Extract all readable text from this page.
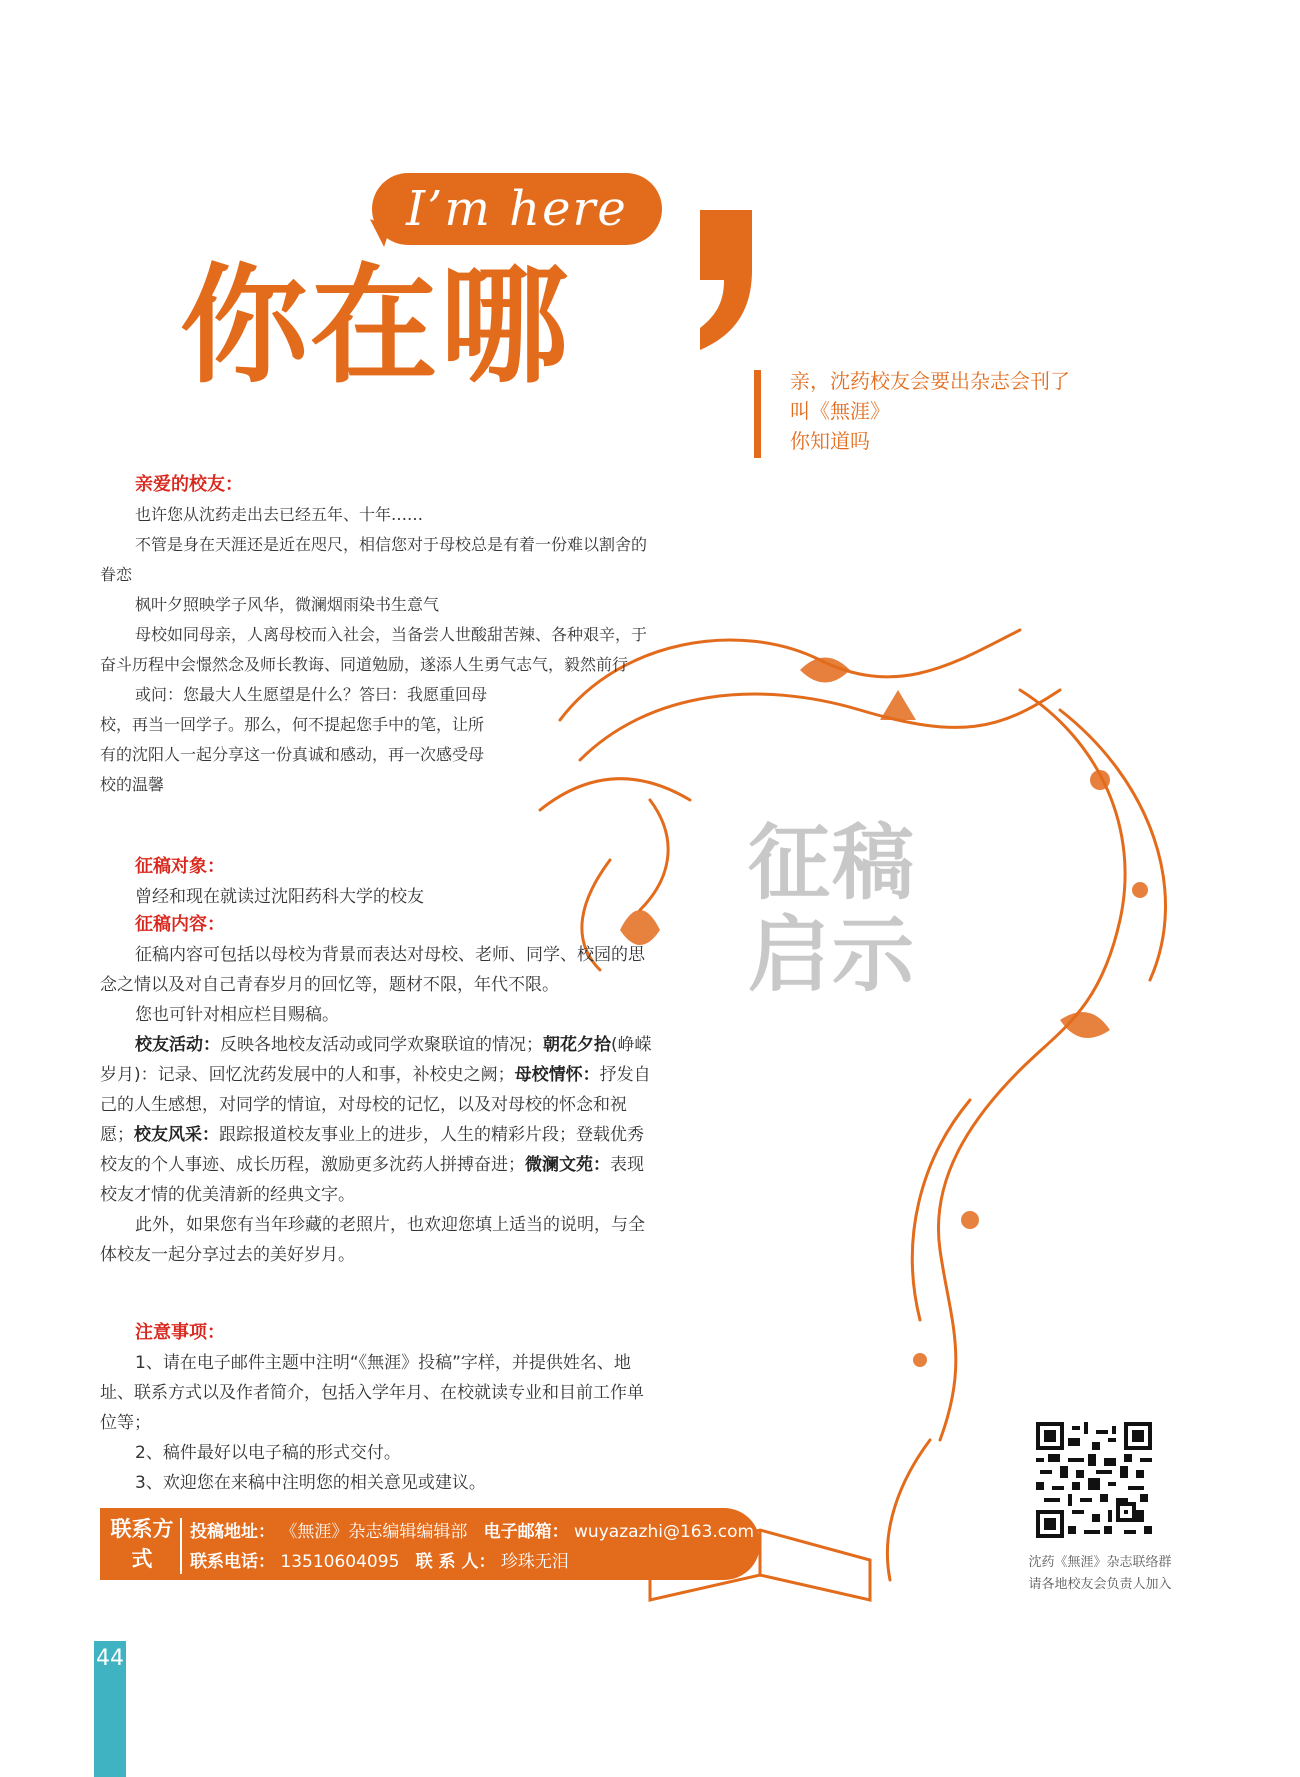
I’m here
你在哪	亲，沈药校友会要出杂志会刊了
叫《無涯》
你知道吗
亲爱的校友：

也许您从沈药走出去已经五年、十年……

不管是身在天涯还是近在咫尺，相信您对于母校总是有着一份难以割舍的眷恋

枫叶夕照映学子风华，微澜烟雨染书生意气

母校如同母亲，人离母校而入社会，当备尝人世酸甜苦辣、各种艰辛，于奋斗历程中会憬然念及师长教诲、同道勉励，遂添人生勇气志气，毅然前行

或问：您最大人生愿望是什么？答曰：我愿重回母校，再当一回学子。那么，何不提起您手中的笔，让所有的沈阳人一起分享这一份真诚和感动，再一次感受母校的温馨

征稿对象：

曾经和现在就读过沈阳药科大学的校友

征稿内容：

征稿内容可包括以母校为背景而表达对母校、老师、同学、校园的思念之情以及对自己青春岁月的回忆等，题材不限，年代不限。

您也可针对相应栏目赐稿。

校友活动：反映各地校友活动或同学欢聚联谊的情况；朝花夕拾(峥嵘岁月)：记录、回忆沈药发展中的人和事，补校史之阙；母校情怀：抒发自己的人生感想，对同学的情谊，对母校的记忆，以及对母校的怀念和祝愿；校友风采：跟踪报道校友事业上的进步，人生的精彩片段；登载优秀校友的个人事迹、成长历程，激励更多沈药人拼搏奋进；微澜文苑：表现校友才情的优美清新的经典文字。

此外，如果您有当年珍藏的老照片，也欢迎您填上适当的说明，与全体校友一起分享过去的美好岁月。

注意事项：

1、请在电子邮件主题中注明“《無涯》投稿”字样，并提供姓名、地址、联系方式以及作者简介，包括入学年月、在校就读专业和目前工作单位等；

2、稿件最好以电子稿的形式交付。

3、欢迎您在来稿中注明您的相关意见或建议。

征稿
启示
联系方式
投稿地址： 《無涯》杂志编辑编辑部 电子邮箱： wuyazazhi@163.com
联系电话： 13510604095 联 系 人： 珍珠无泪	沈药《無涯》杂志联络群
请各地校友会负责人加入
44
